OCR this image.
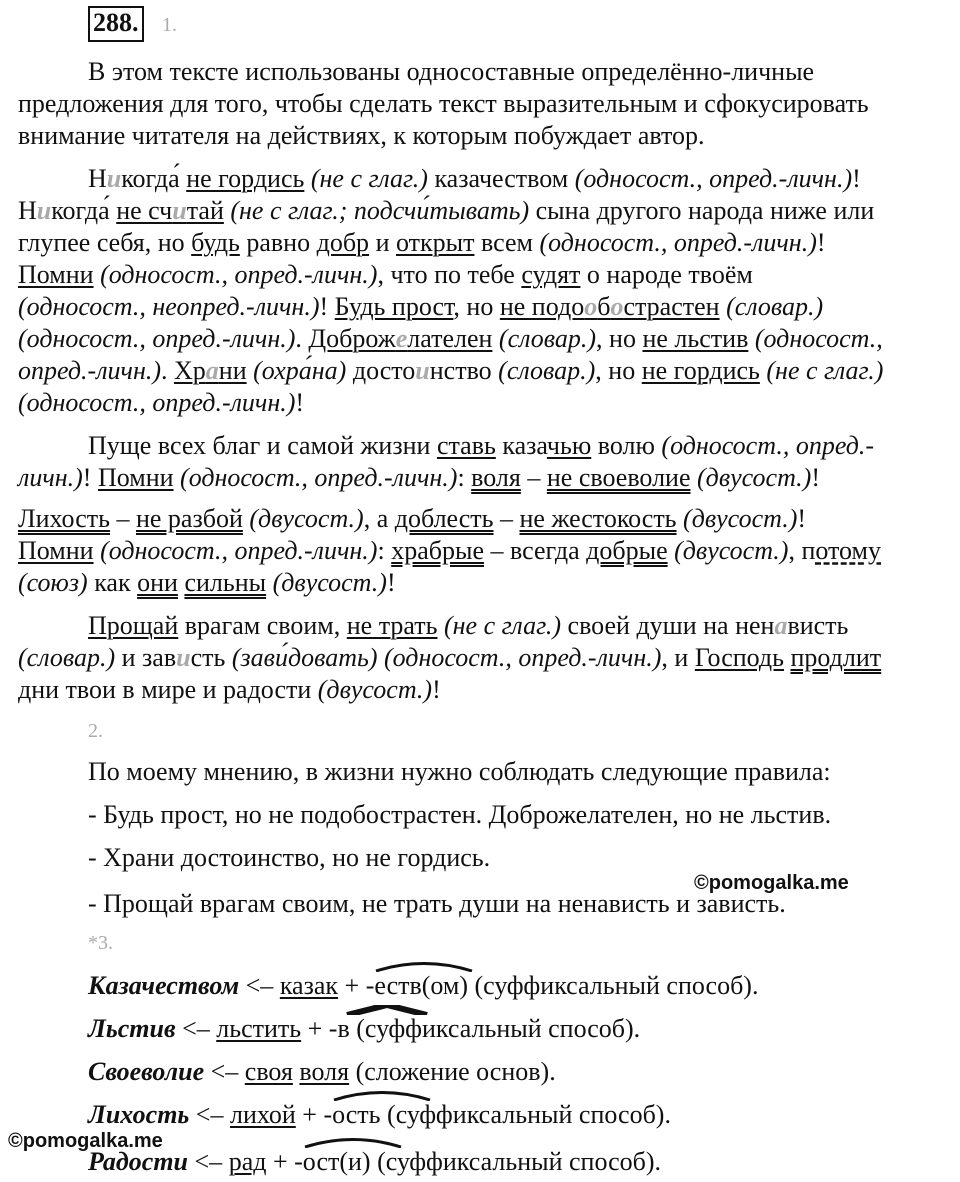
288. 1.
В этом тексте использованы односоставные определённо-личные
предложения для того, чтобы сделать текст выразительным и сфокусировать
внимание читателя на действиях, к которым побуждает автор.
Никогда́ не гордись (не с глаг.) казачеством (односост., опред.-личн.)!
Никогда́ не считай (не с глаг.; подсчи́тывать) сына другого народа ниже или
глупее себя, но будь равно добр и открыт всем (односост., опред.-личн.)!
Помни (односост., опред.-личн.), что по тебе судят о народе твоём
(односост., неопред.-личн.)! Будь прост, но не подообострастен (словар.)
(односост., опред.-личн.). Доброжелателен (словар.), но не льстив (односост.,
опред.-личн.). Храни (охра́на) достоинство (словар.), но не гордись (не с глаг.)
(односост., опред.-личн.)!
Пуще всех благ и самой жизни ставь казачью волю (односост., опред.-
личн.)! Помни (односост., опред.-личн.): воля – не своеволие (двусост.)!
Лихость – не разбой (двусост.), а доблесть – не жестокость (двусост.)!
Помни (односост., опред.-личн.): храбрые – всегда добрые (двусост.), потому
(союз) как они сильны (двусост.)!
Прощай врагам своим, не трать (не с глаг.) своей души на ненависть
(словар.) и зависть (зави́довать) (односост., опред.-личн.), и Господь продлит
дни твои в мире и радости (двусост.)!
2.
По моему мнению, в жизни нужно соблюдать следующие правила:
- Будь прост, но не подобострастен. Доброжелателен, но не льстив.
- Храни достоинство, но не гордись.
©pomogalka.me
- Прощай врагам своим, не трать души на ненависть и зависть.
*3.
Казачеством <– казак + -
еств(ом) (суффиксальный способ).
Льстив <– льстить + -
в (суффиксальный способ).
Своеволие <– своя воля (сложение основ).
Лихость <– лихой + -
ость (суффиксальный способ).
©pomogalka.me
Радости <– рад + -
ост(и) (суффиксальный способ).
